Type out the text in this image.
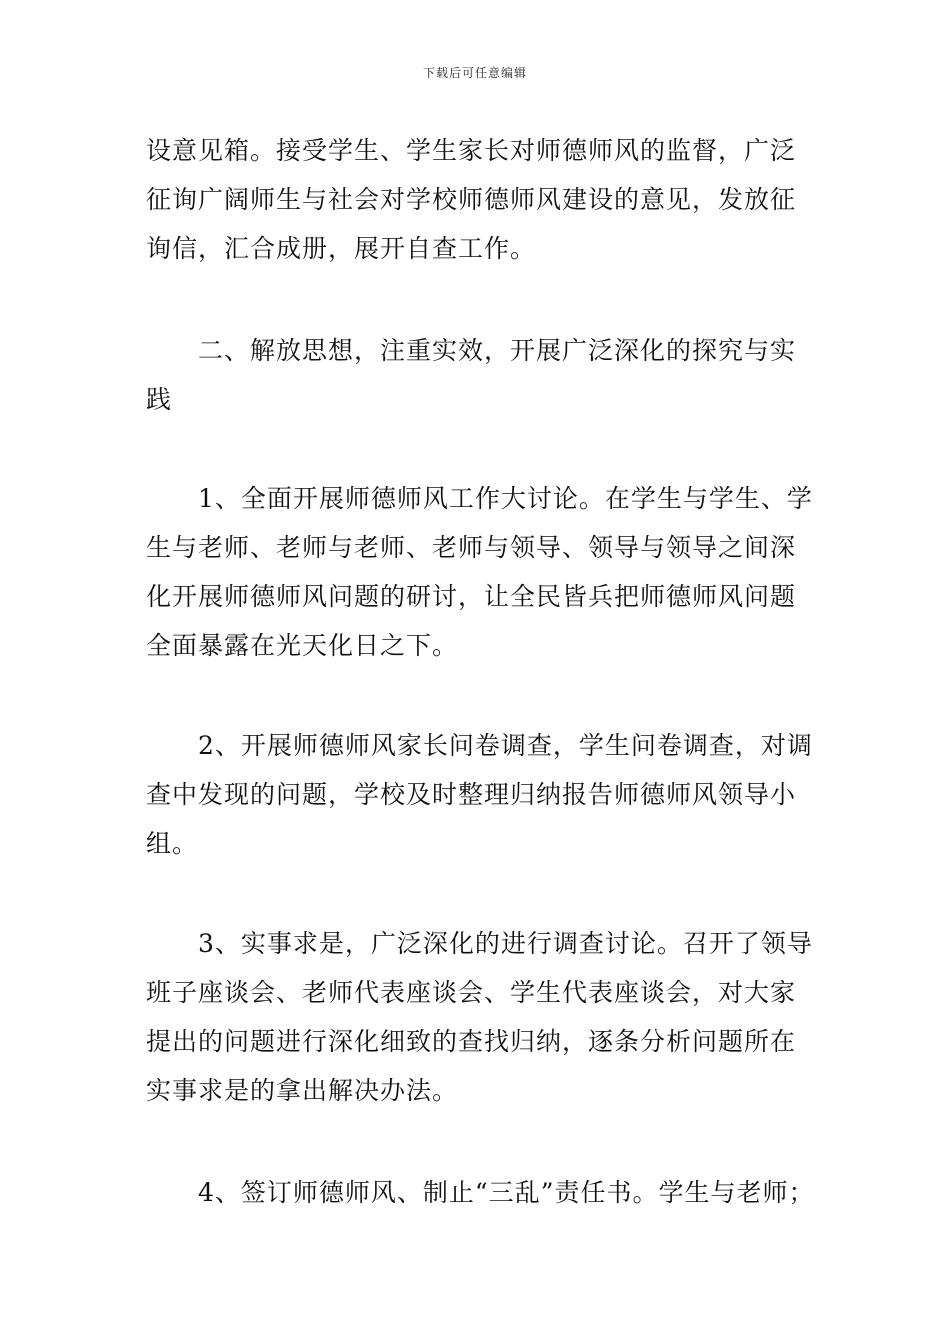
下载后可任意编辑
设意见箱。接受学生、学生家长对师德师风的监督，广泛
征询广阔师生与社会对学校师德师风建设的意见，发放征
询信，汇合成册，展开自查工作。
二、解放思想，注重实效，开展广泛深化的探究与实
践
1、全面开展师德师风工作大讨论。在学生与学生、学
生与老师、老师与老师、老师与领导、领导与领导之间深
化开展师德师风问题的研讨，让全民皆兵把师德师风问题
全面暴露在光天化日之下。
2、开展师德师风家长问卷调查，学生问卷调查，对调
查中发现的问题，学校及时整理归纳报告师德师风领导小
组。
3、实事求是，广泛深化的进行调查讨论。召开了领导
班子座谈会、老师代表座谈会、学生代表座谈会，对大家
提出的问题进行深化细致的查找归纳，逐条分析问题所在
实事求是的拿出解决办法。
4、签订师德师风、制止“三乱”责任书。学生与老师；
